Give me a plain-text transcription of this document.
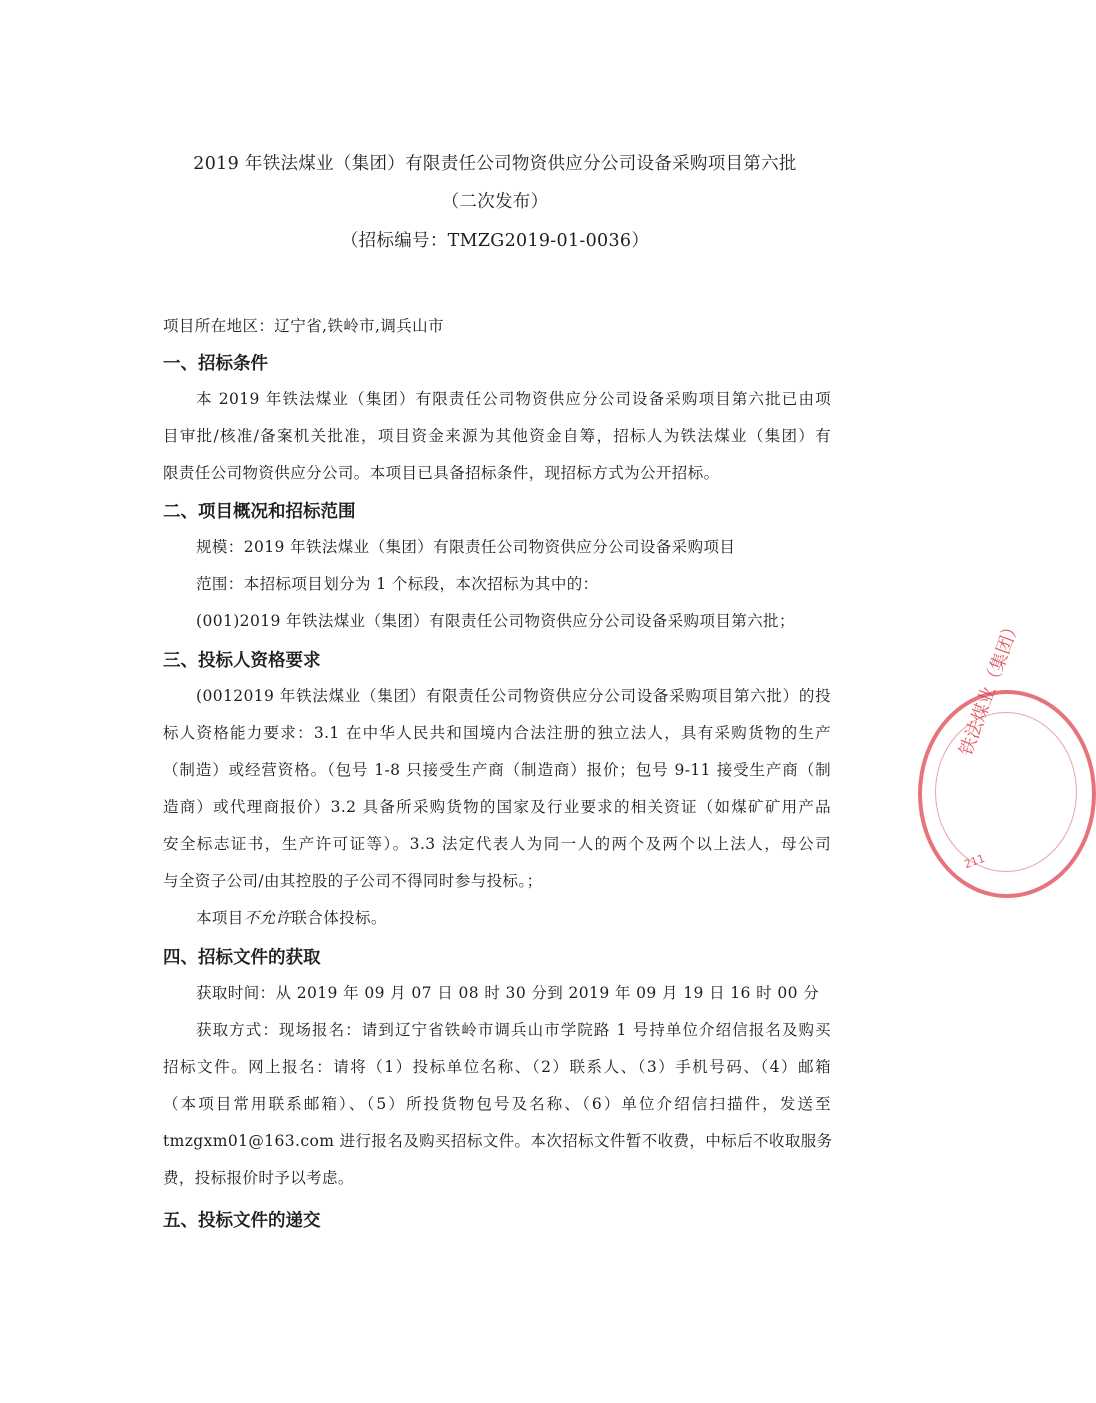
2019 年铁法煤业（集团）有限责任公司物资供应分公司设备采购项目第六批
（二次发布）
（招标编号：TMZG2019-01-0036）
项目所在地区：辽宁省,铁岭市,调兵山市
一、招标条件
本 2019 年铁法煤业（集团）有限责任公司物资供应分公司设备采购项目第六批已由项
目审批/核准/备案机关批准，项目资金来源为其他资金自筹，招标人为铁法煤业（集团）有
限责任公司物资供应分公司。本项目已具备招标条件，现招标方式为公开招标。
二、项目概况和招标范围
规模：2019 年铁法煤业（集团）有限责任公司物资供应分公司设备采购项目
范围：本招标项目划分为 1 个标段，本次招标为其中的：
(001)2019 年铁法煤业（集团）有限责任公司物资供应分公司设备采购项目第六批；
三、投标人资格要求
(0012019 年铁法煤业（集团）有限责任公司物资供应分公司设备采购项目第六批）的投
标人资格能力要求：3.1 在中华人民共和国境内合法注册的独立法人，具有采购货物的生产
（制造）或经营资格。（包号 1-8 只接受生产商（制造商）报价；包号 9-11 接受生产商（制
造商）或代理商报价）3.2 具备所采购货物的国家及行业要求的相关资证（如煤矿矿用产品
安全标志证书，生产许可证等）。3.3 法定代表人为同一人的两个及两个以上法人，母公司
与全资子公司/由其控股的子公司不得同时参与投标。；
本项目不允许联合体投标。
四、招标文件的获取
获取时间：从 2019 年 09 月 07 日 08 时 30 分到 2019 年 09 月 19 日 16 时 00 分
获取方式：现场报名：请到辽宁省铁岭市调兵山市学院路 1 号持单位介绍信报名及购买
招标文件。网上报名：请将（1）投标单位名称、（2）联系人、（3）手机号码、（4）邮箱
（本项目常用联系邮箱）、（5）所投货物包号及名称、（6）单位介绍信扫描件，发送至
tmzgxm01@163.com 进行报名及购买招标文件。本次招标文件暂不收费，中标后不收取服务
费，投标报价时予以考虑。
五、投标文件的递交
铁法煤业（集团）
211
